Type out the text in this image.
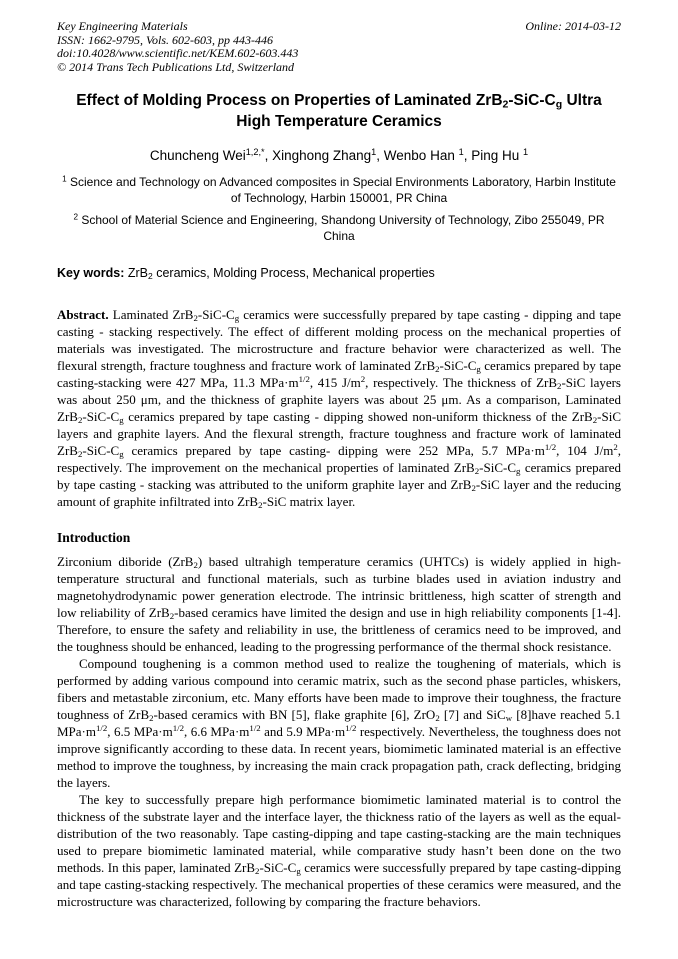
Key Engineering Materials
ISSN: 1662-9795, Vols. 602-603, pp 443-446
doi:10.4028/www.scientific.net/KEM.602-603.443
© 2014 Trans Tech Publications Ltd, Switzerland
Online: 2014-03-12
Effect of Molding Process on Properties of Laminated $ZrB_2-SiC-C_g$ Ultra High Temperature Ceramics
Chuncheng Wei$^{1,2,*}$, Xinghong Zhang$^1$, Wenbo Han $^1$, Ping Hu $^1$
$^1$ Science and Technology on Advanced composites in Special Environments Laboratory, Harbin Institute of Technology, Harbin 150001, PR China
$^2$ School of Material Science and Engineering, Shandong University of Technology, Zibo 255049, PR China

Key words: ZrB$_2$ ceramics, Molding Process, Mechanical properties

Abstract. Laminated $ZrB_2-SiC-C_g$ ceramics were successfully prepared by tape casting - dipping and tape casting - stacking respectively. The effect of different molding process on the mechanical properties of materials was investigated. The microstructure and fracture behavior were characterized as well. The flexural strength, fracture toughness and fracture work of laminated $ZrB_2-SiC-C_g$ ceramics prepared by tape casting-stacking were 427 MPa, 11.3 $MPa\cdot m^{1/2}$, 415 $J/m^2$, respectively. The thickness of ZrB$_2$-SiC layers was about 250 μm, and the thickness of graphite layers was about 25 μm. As a comparison, Laminated $ZrB_2-SiC-C_g$ ceramics prepared by tape casting - dipping showed non-uniform thickness of the ZrB$_2$-SiC layers and graphite layers. And the flexural strength, fracture toughness and fracture work of laminated $ZrB_2-SiC-C_g$ ceramics prepared by tape casting- dipping were 252 MPa, 5.7 $MPa\cdot m^{1/2}$, 104 $J/m^2$, respectively. The improvement on the mechanical properties of laminated $ZrB_2-SiC-C_g$ ceramics prepared by tape casting - stacking was attributed to the uniform graphite layer and ZrB$_2$-SiC layer and the reducing amount of graphite infiltrated into ZrB$_2$-SiC matrix layer.

Introduction

Zirconium diboride (ZrB$_2$) based ultrahigh temperature ceramics (UHTCs) is widely applied in high-temperature structural and functional materials, such as turbine blades used in aviation industry and magnetohydrodynamic power generation electrode. The intrinsic brittleness, high scatter of strength and low reliability of ZrB$_2$-based ceramics have limited the design and use in high reliability components [1-4]. Therefore, to ensure the safety and reliability in use, the brittleness of ceramics need to be improved, and the toughness should be enhanced, leading to the progressing performance of the thermal shock resistance.

Compound toughening is a common method used to realize the toughening of materials, which is performed by adding various compound into ceramic matrix, such as the second phase particles, whiskers, fibers and metastable zirconium, etc. Many efforts have been made to improve their toughness, the fracture toughness of ZrB$_2$-based ceramics with BN [5], flake graphite [6], ZrO$_2$ [7] and SiC$_w$ [8]have reached 5.1 $MPa\cdot m^{1/2}$, 6.5 $MPa\cdot m^{1/2}$, 6.6 $MPa\cdot m^{1/2}$ and 5.9 $MPa\cdot m^{1/2}$ respectively. Nevertheless, the toughness does not improve significantly according to these data. In recent years, biomimetic laminated material is an effective method to improve the toughness, by increasing the main crack propagation path, crack deflecting, bridging the layers.

The key to successfully prepare high performance biomimetic laminated material is to control the thickness of the substrate layer and the interface layer, the thickness ratio of the layers as well as the equal-distribution of the two reasonably. Tape casting-dipping and tape casting-stacking are the main techniques used to prepare biomimetic laminated material, while comparative study hasn’t been done on the two methods. In this paper, laminated $ZrB_2-SiC-C_g$ ceramics were successfully prepared by tape casting-dipping and tape casting-stacking respectively. The mechanical properties of these ceramics were measured, and the microstructure was characterized, following by comparing the fracture behaviors.
